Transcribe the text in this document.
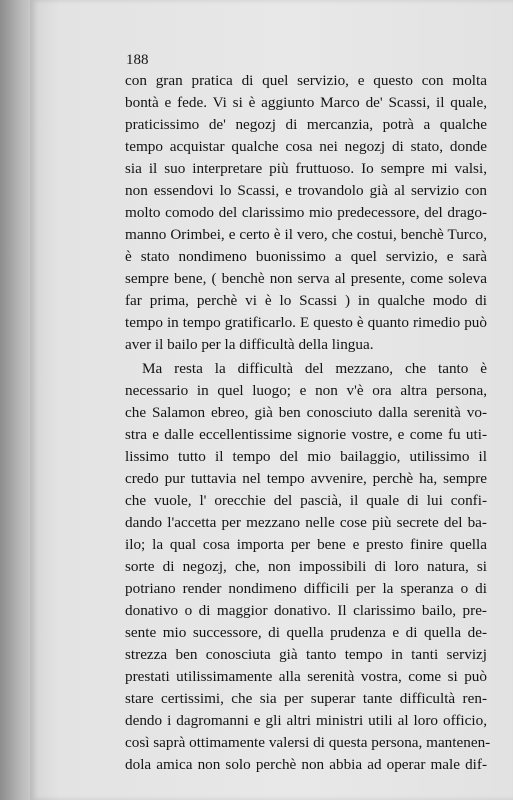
188

con gran pratica di quel servizio, e questo con molta
bontà e fede. Vi si è aggiunto Marco de' Scassi, il quale,
praticissimo de' negozj di mercanzia, potrà a qualche
tempo acquistar qualche cosa nei negozj di stato, donde
sia il suo interpretare più fruttuoso. Io sempre mi valsi,
non essendovi lo Scassi, e trovandolo già al servizio con
molto comodo del clarissimo mio predecessore, del drago-
manno Orimbei, e certo è il vero, che costui, benchè Turco,
è stato nondimeno buonissimo a quel servizio, e sarà
sempre bene, ( benchè non serva al presente, come soleva
far prima, perchè vi è lo Scassi ) in qualche modo di
tempo in tempo gratificarlo. E questo è quanto rimedio può
aver il bailo per la difficultà della lingua.
Ma resta la difficultà del mezzano, che tanto è
necessario in quel luogo; e non v'è ora altra persona,
che Salamon ebreo, già ben conosciuto dalla serenità vo-
stra e dalle eccellentissime signorie vostre, e come fu uti-
lissimo tutto il tempo del mio bailaggio, utilissimo il
credo pur tuttavia nel tempo avvenire, perchè ha, sempre
che vuole, l' orecchie del pascià, il quale di lui confi-
dando l'accetta per mezzano nelle cose più secrete del ba-
ilo; la qual cosa importa per bene e presto finire quella
sorte di negozj, che, non impossibili di loro natura, si
potriano render nondimeno difficili per la speranza o di
donativo o di maggior donativo. Il clarissimo bailo, pre-
sente mio successore, di quella prudenza e di quella de-
strezza ben conosciuta già tanto tempo in tanti servizj
prestati utilissimamente alla serenità vostra, come si può
stare certissimi, che sia per superar tante difficultà ren-
dendo i dagromanni e gli altri ministri utili al loro officio,
così saprà ottimamente valersi di questa persona, mantenen-
dola amica non solo perchè non abbia ad operar male dif-
